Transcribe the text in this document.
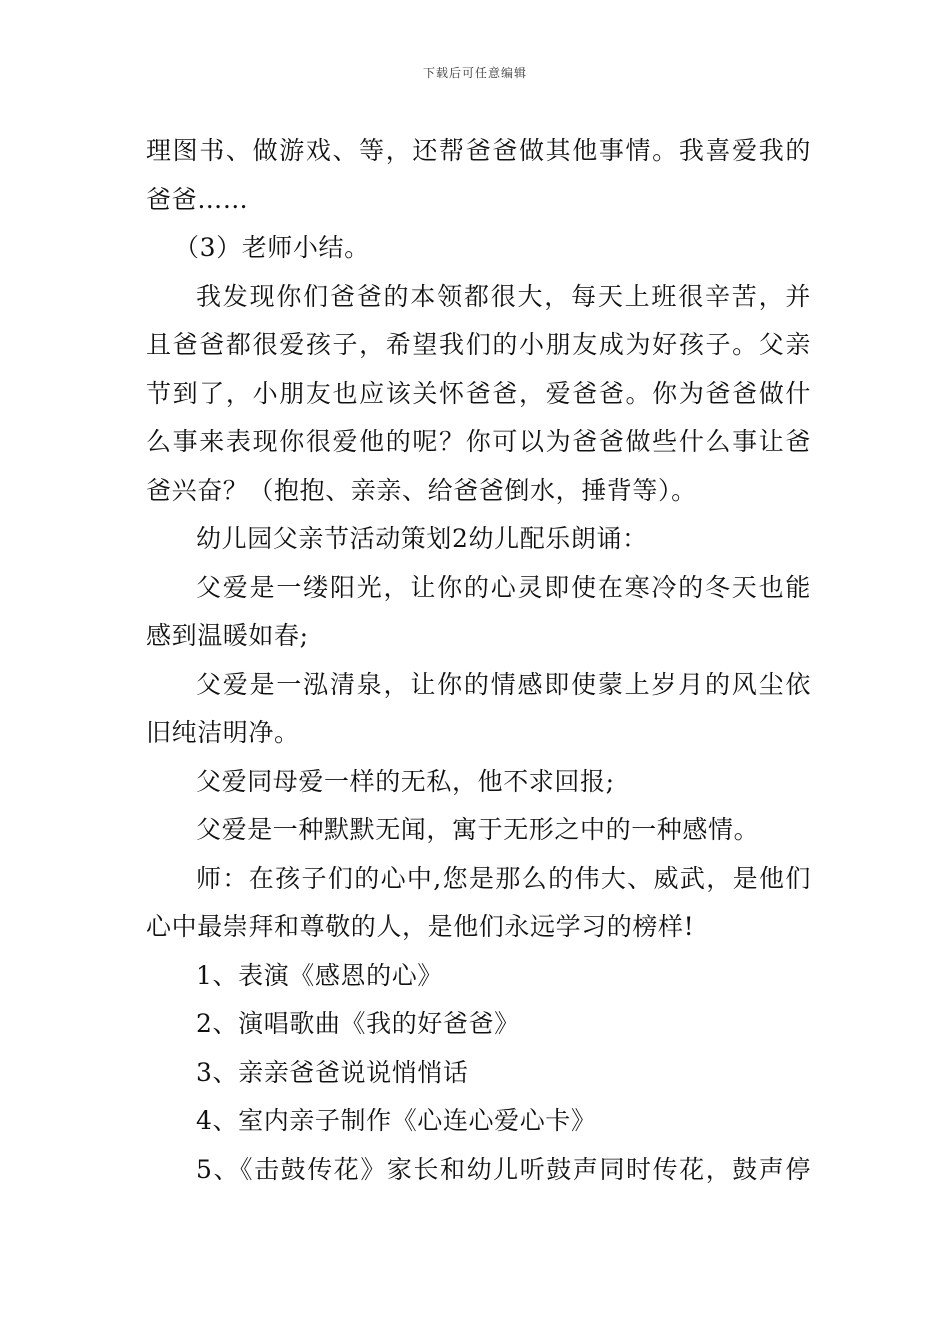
下载后可任意编辑

理图书、做游戏、等，还帮爸爸做其他事情。我喜爱我的

爸爸……

（3）老师小结。

我发现你们爸爸的本领都很大，每天上班很辛苦，并

且爸爸都很爱孩子，希望我们的小朋友成为好孩子。父亲

节到了，小朋友也应该关怀爸爸，爱爸爸。你为爸爸做什

么事来表现你很爱他的呢？你可以为爸爸做些什么事让爸

爸兴奋？（抱抱、亲亲、给爸爸倒水，捶背等）。

幼儿园父亲节活动策划2幼儿配乐朗诵：

父爱是一缕阳光，让你的心灵即使在寒冷的冬天也能

感到温暖如春;

父爱是一泓清泉，让你的情感即使蒙上岁月的风尘依

旧纯洁明净。

父爱同母爱一样的无私，他不求回报;

父爱是一种默默无闻，寓于无形之中的一种感情。

师：在孩子们的心中,您是那么的伟大、威武，是他们

心中最崇拜和尊敬的人，是他们永远学习的榜样!

1、表演《感恩的心》

2、演唱歌曲《我的好爸爸》

3、亲亲爸爸说说悄悄话

4、室内亲子制作《心连心爱心卡》

5、《击鼓传花》家长和幼儿听鼓声同时传花，鼓声停
